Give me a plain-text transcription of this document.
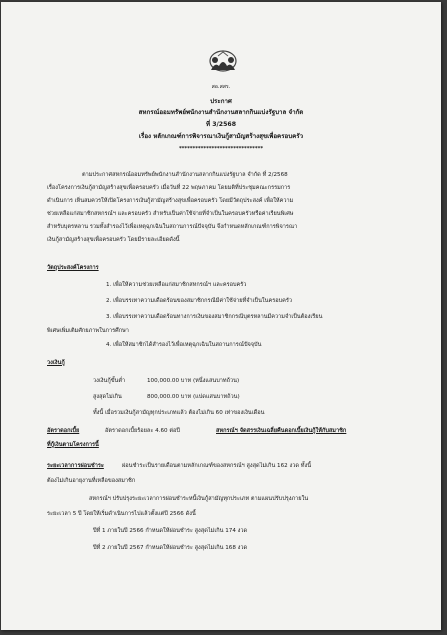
สอ.สสร.
ประกาศ
สหกรณ์ออมทรัพย์พนักงานสำนักงานสลากกินแบ่งรัฐบาล จำกัด
ที่ 3/2568
เรื่อง หลักเกณฑ์การพิจารณาเงินกู้สามัญสร้างสุขเพื่อครอบครัว
*******************************
ตามประกาศสหกรณ์ออมทรัพย์พนักงานสำนักงานสลากกินแบ่งรัฐบาล จำกัด ที่ 2/2568
เรื่องโครงการเงินกู้สามัญสร้างสุขเพื่อครอบครัว เมื่อวันที่ 22 พฤษภาคม โดยมติที่ประชุมคณะกรรมการ
ดำเนินการ เห็นสมควรให้เปิดโครงการเงินกู้สามัญสร้างสุขเพื่อครอบครัว โดยมีวัตถุประสงค์ เพื่อให้ความ
ช่วยเหลือแก่สมาชิกสหกรณ์ฯ และครอบครัว สำหรับเป็นค่าใช้จ่ายที่จำเป็นในครอบครัวหรือค่าเรียนพิเศษ
สำหรับบุตรหลาน รวมทั้งสำรองไว้เพื่อเหตุฉุกเฉินในสถานการณ์ปัจจุบัน จึงกำหนดหลักเกณฑ์การพิจารณา
เงินกู้สามัญสร้างสุขเพื่อครอบครัว โดยมีรายละเอียดดังนี้
วัตถุประสงค์โครงการ
1. เพื่อให้ความช่วยเหลือแก่สมาชิกสหกรณ์ฯ และครอบครัว
2. เพื่อบรรเทาความเดือดร้อนของสมาชิกกรณีมีค่าใช้จ่ายที่จำเป็นในครอบครัว
3. เพื่อบรรเทาความเดือดร้อนทางการเงินของสมาชิกกรณีบุตรหลานมีความจำเป็นต้องเรียน
พิเศษเพิ่มเติมศักยภาพในการศึกษา
4. เพื่อให้สมาชิกได้สำรองไว้เพื่อเหตุฉุกเฉินในสถานการณ์ปัจจุบัน
วงเงินกู้
วงเงินกู้ขั้นต่ำ	100,000.00 บาท (หนึ่งแสนบาทถ้วน)
สูงสุดไม่เกิน	800,000.00 บาท (แปดแสนบาทถ้วน)
ทั้งนี้ เมื่อรวมเงินกู้สามัญทุกประเภทแล้ว ต้องไม่เกิน 60 เท่าของเงินเดือน
อัตราดอกเบี้ย	อัตราดอกเบี้ยร้อยละ 4.60 ต่อปี	สหกรณ์ฯ จัดสรรเงินเฉลี่ยคืนดอกเบี้ยเงินกู้ให้กับสมาชิก
ที่กู้เงินตามโครงการนี้
ระยะเวลาการผ่อนชำระ	ผ่อนชำระเป็นรายเดือนตามหลักเกณฑ์ของสหกรณ์ฯ สูงสุดไม่เกิน 162 งวด ทั้งนี้
ต้องไม่เกินอายุงานที่เหลือของสมาชิก
สหกรณ์ฯ ปรับปรุงระยะเวลาการผ่อนชำระหนี้เงินกู้สามัญทุกประเภท ตามแผนปรับปรุงภายใน
ระยะเวลา 5 ปี โดยให้เริ่มดำเนินการไปแล้วตั้งแต่ปี 2566 ดังนี้
ปีที่ 1 ภายในปี 2566 กำหนดให้ผ่อนชำระ สูงสุดไม่เกิน 174 งวด
ปีที่ 2 ภายในปี 2567 กำหนดให้ผ่อนชำระ สูงสุดไม่เกิน 168 งวด
